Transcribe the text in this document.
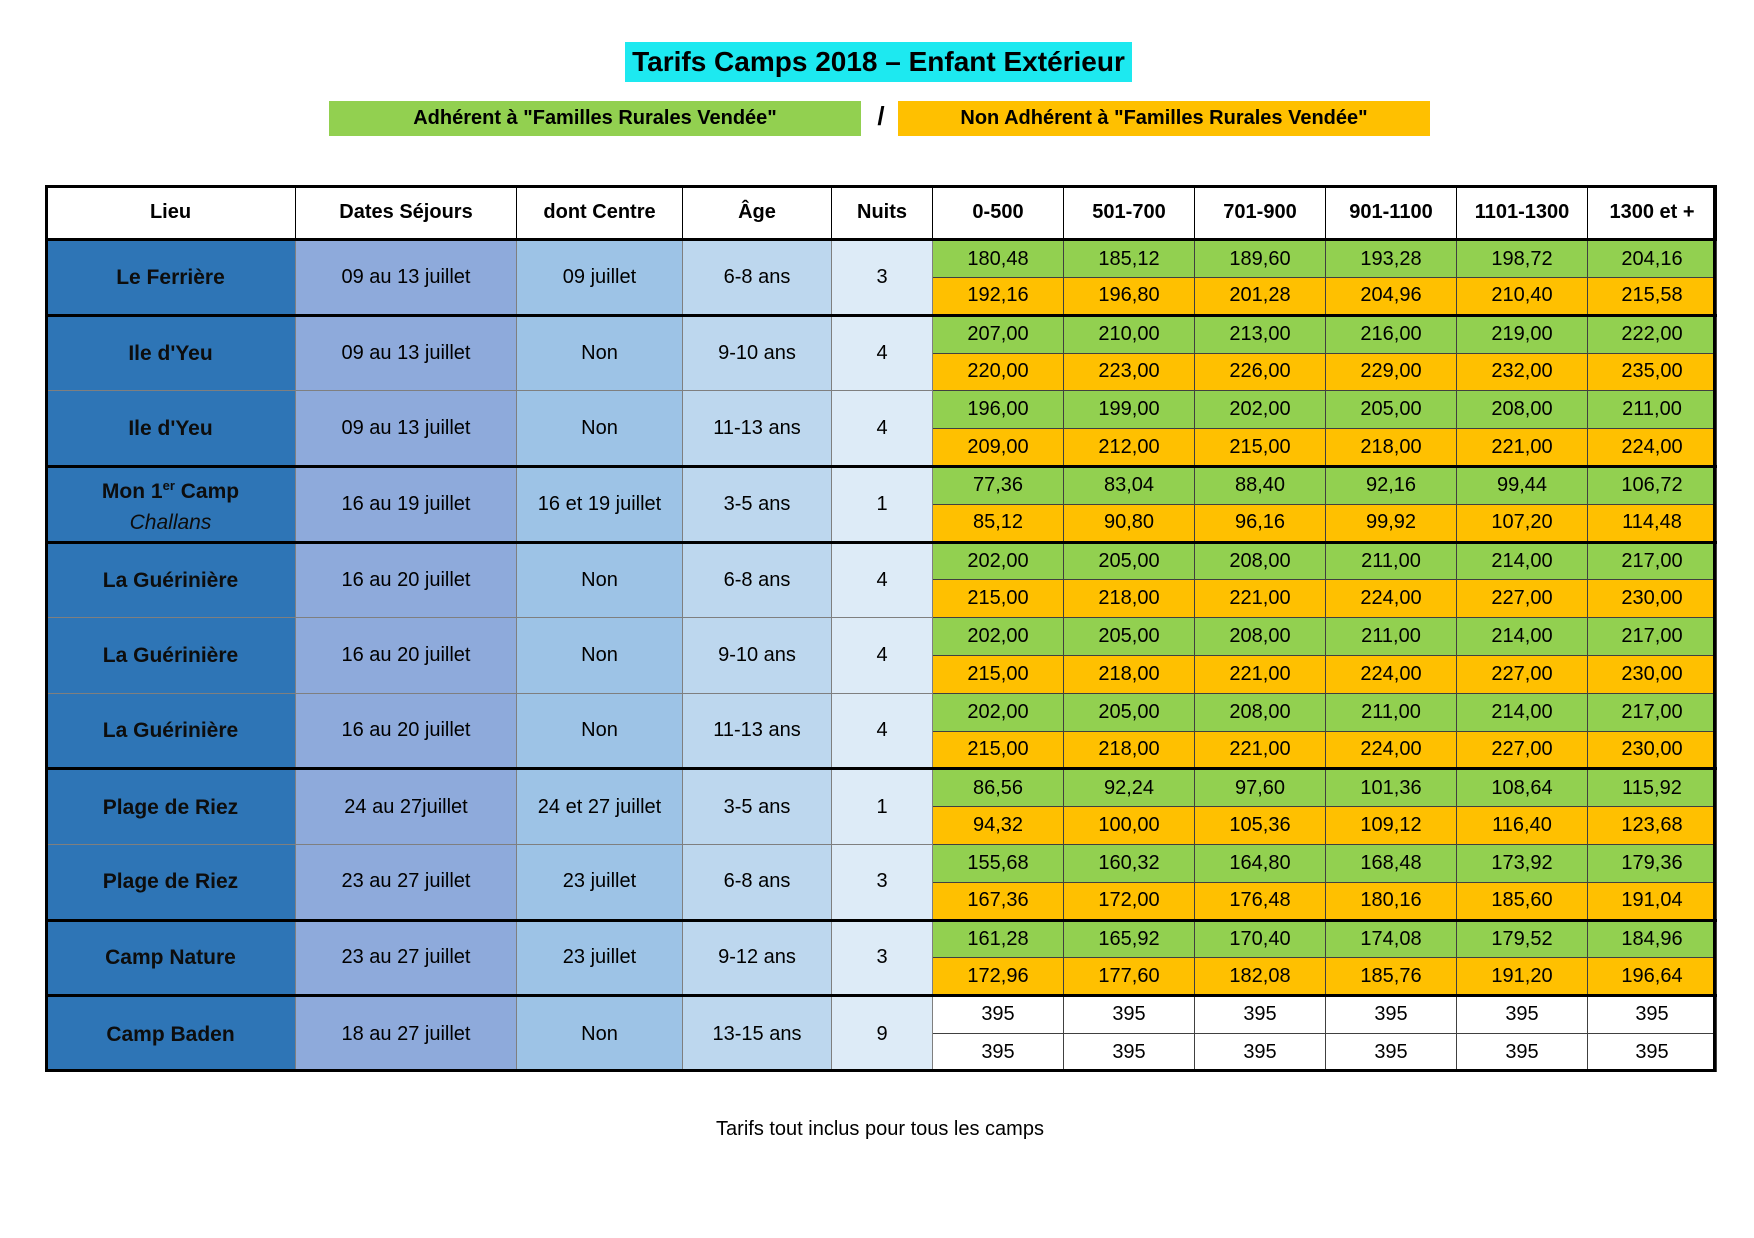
Tarifs Camps 2018 – Enfant Extérieur
Adhérent à "Familles Rurales Vendée"	/	Non Adhérent à "Familles Rurales Vendée"
Lieu	Dates Séjours	dont Centre	Âge	Nuits	0-500	501-700	701-900	901-1100	1101-1300	1300 et +
Le Ferrière	09 au 13 juillet	09 juillet	6-8 ans	3	180,48	185,12	189,60	193,28	198,72	204,16
					192,16	196,80	201,28	204,96	210,40	215,58
Ile d'Yeu	09 au 13 juillet	Non	9-10 ans	4	207,00	210,00	213,00	216,00	219,00	222,00
					220,00	223,00	226,00	229,00	232,00	235,00
Ile d'Yeu	09 au 13 juillet	Non	11-13 ans	4	196,00	199,00	202,00	205,00	208,00	211,00
					209,00	212,00	215,00	218,00	221,00	224,00

Mon 1er Camp
Challans	16 au 19 juillet	16 et 19 juillet	3-5 ans	1	77,36	83,04	88,40	92,16	99,44	106,72
					85,12	90,80	96,16	99,92	107,20	114,48
La Guérinière	16 au 20 juillet	Non	6-8 ans	4	202,00	205,00	208,00	211,00	214,00	217,00
					215,00	218,00	221,00	224,00	227,00	230,00
La Guérinière	16 au 20 juillet	Non	9-10 ans	4	202,00	205,00	208,00	211,00	214,00	217,00
					215,00	218,00	221,00	224,00	227,00	230,00
La Guérinière	16 au 20 juillet	Non	11-13 ans	4	202,00	205,00	208,00	211,00	214,00	217,00
					215,00	218,00	221,00	224,00	227,00	230,00
Plage de Riez	24 au 27juillet	24 et 27 juillet	3-5 ans	1	86,56	92,24	97,60	101,36	108,64	115,92
					94,32	100,00	105,36	109,12	116,40	123,68
Plage de Riez	23 au 27 juillet	23 juillet	6-8 ans	3	155,68	160,32	164,80	168,48	173,92	179,36
					167,36	172,00	176,48	180,16	185,60	191,04
Camp Nature	23 au 27 juillet	23 juillet	9-12 ans	3	161,28	165,92	170,40	174,08	179,52	184,96
					172,96	177,60	182,08	185,76	191,20	196,64
Camp Baden	18 au 27 juillet	Non	13-15 ans	9	395	395	395	395	395	395
					395	395	395	395	395	395
Tarifs tout inclus pour tous les camps
